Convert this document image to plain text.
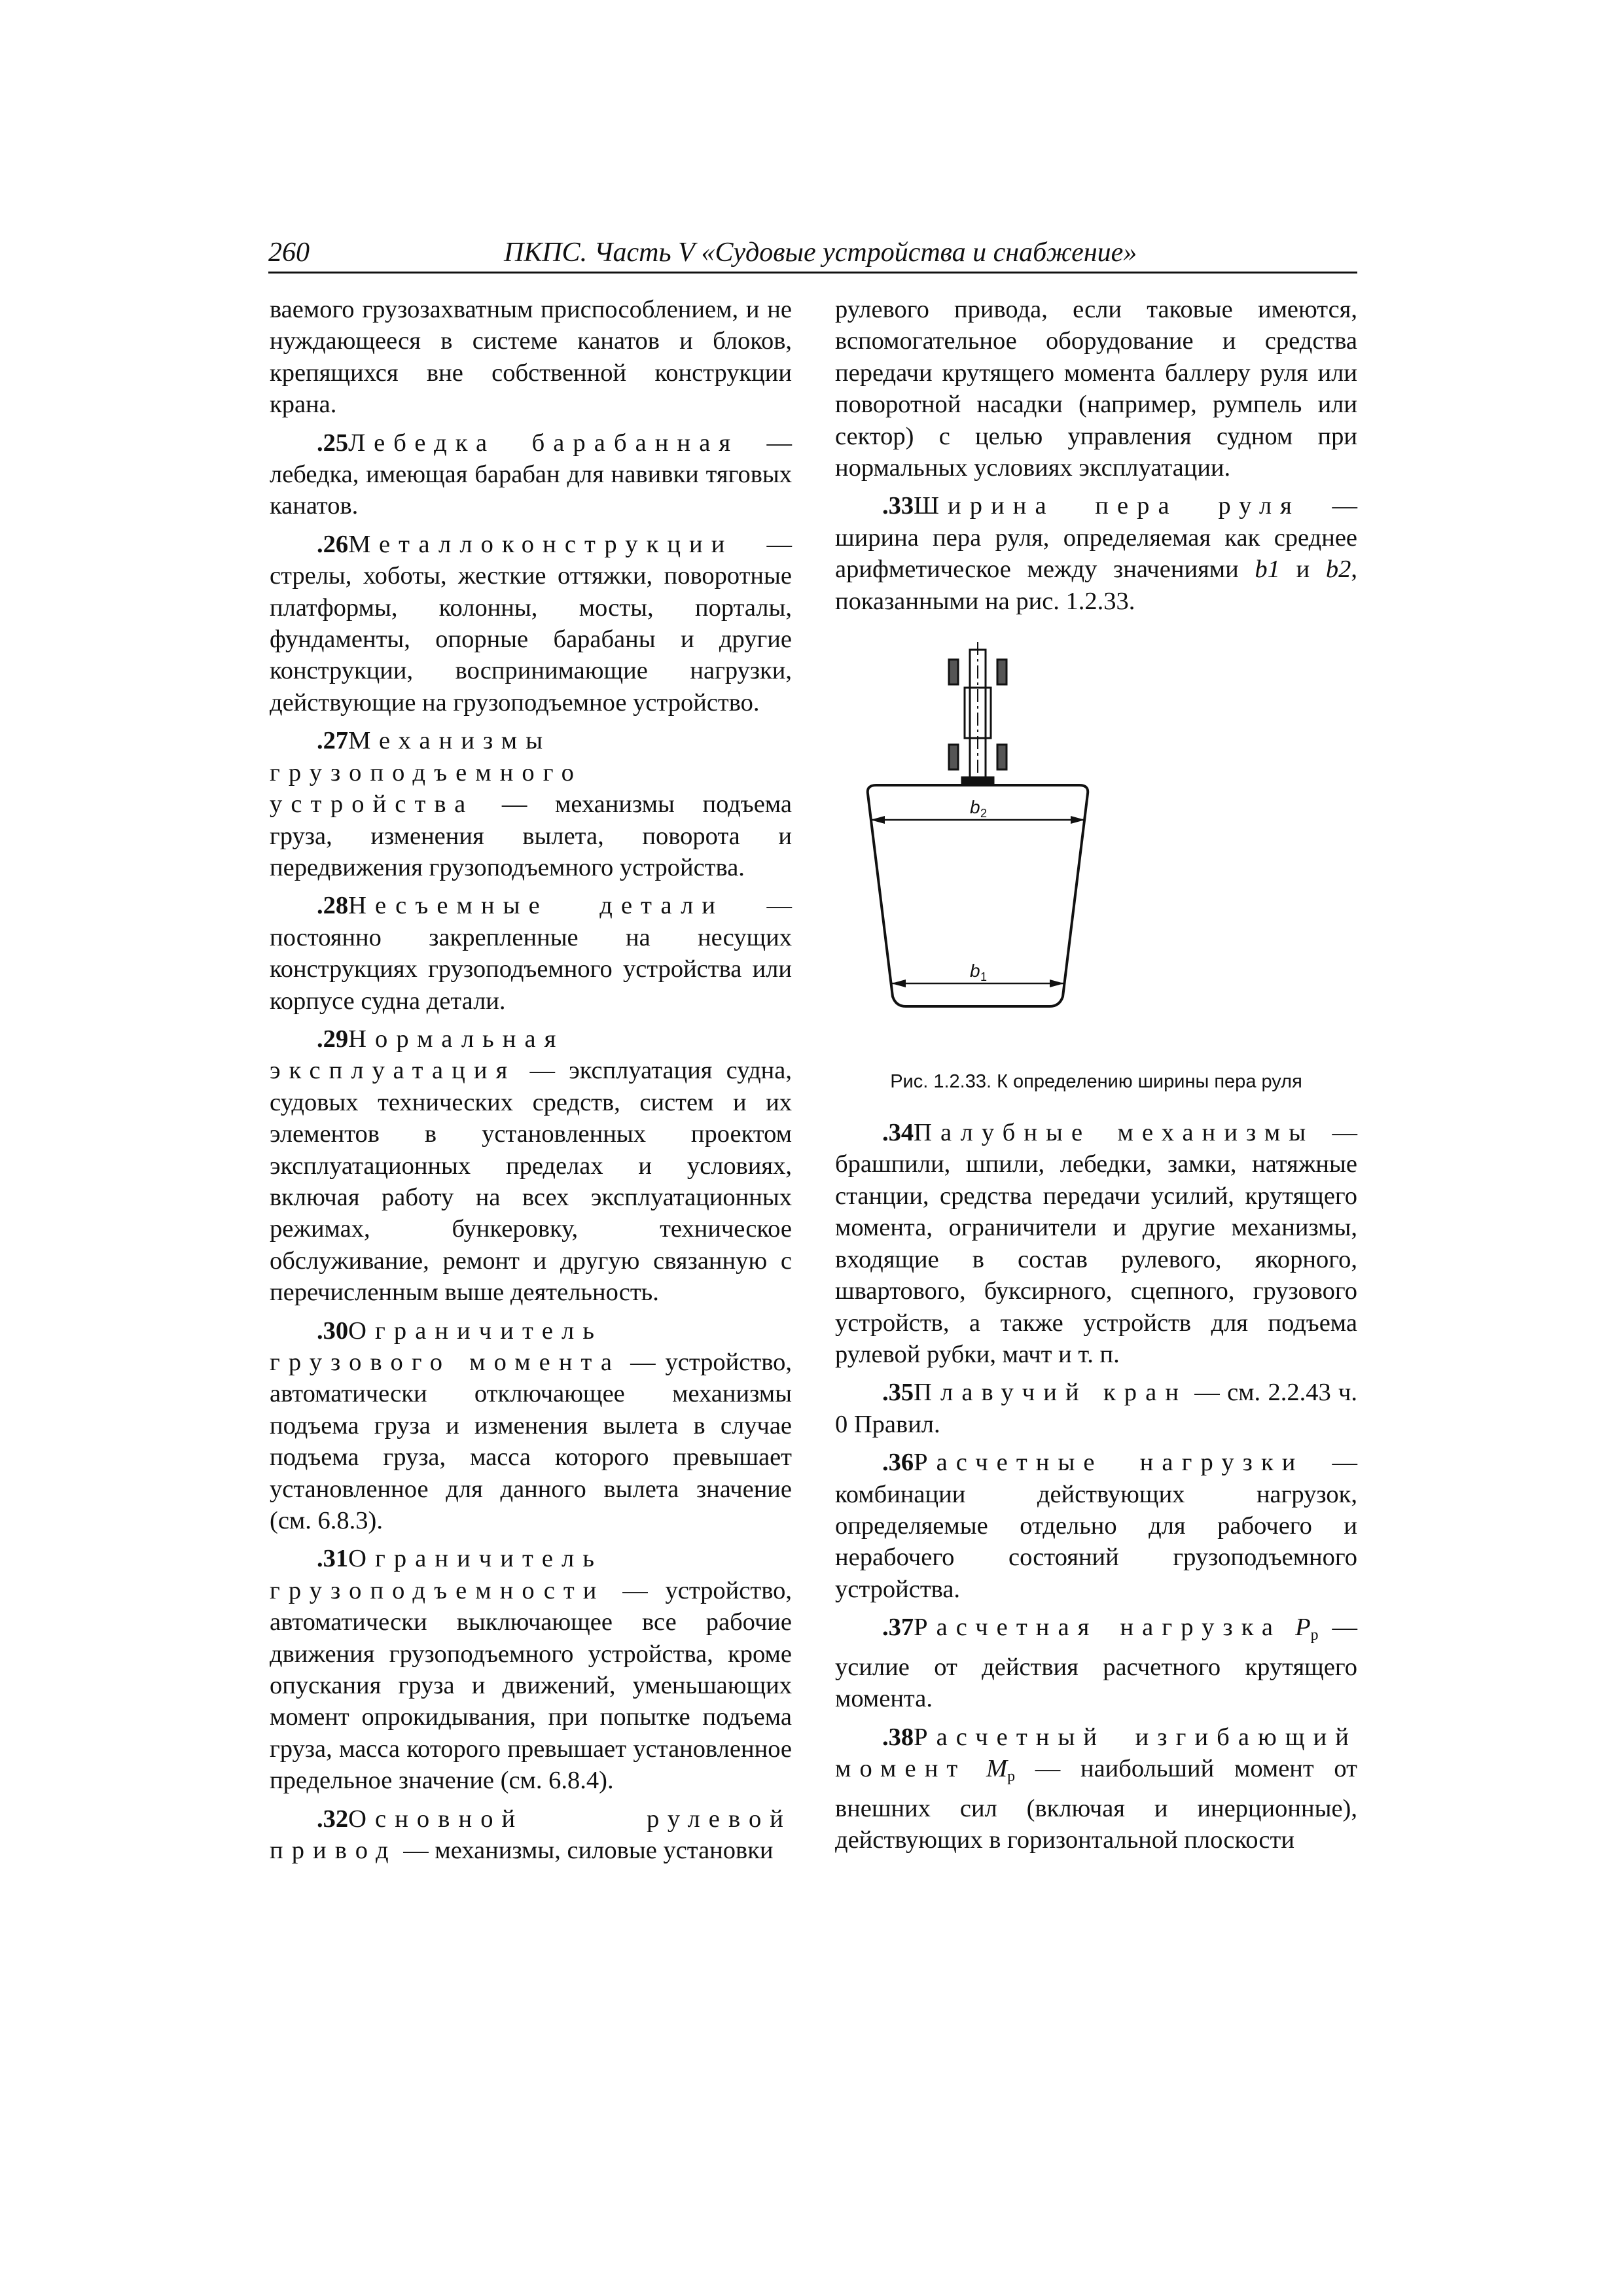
260	ПКПС. Часть V «Судовые устройства и снабжение»

ваемого грузозахватным приспособлением, и не нуждающееся в системе канатов и блоков, крепящихся вне собственной конструкции крана.

.25Лебедка барабанная — лебедка, имеющая барабан для навивки тяговых канатов.

.26Металлоконструкции — стрелы, хоботы, жесткие оттяжки, поворотные платформы, колонны, мосты, порталы, фундаменты, опорные барабаны и другие конструкции, воспринимающие нагрузки, действующие на грузоподъемное устройство.

.27Механизмы грузоподъемного устройства — механизмы подъема груза, изменения вылета, поворота и передвижения грузоподъемного устройства.

.28Несъемные детали — постоянно закрепленные на несущих конструкциях грузоподъемного устройства или корпусе судна детали.

.29Нормальная эксплуатация — эксплуатация судна, судовых технических средств, систем и их элементов в установленных проектом эксплуатационных пределах и условиях, включая работу на всех эксплуатационных режимах, бункеровку, техническое обслуживание, ремонт и другую связанную с перечисленным выше деятельность.

.30Ограничитель грузового момента — устройство, автоматически отключающее механизмы подъема груза и изменения вылета в случае подъема груза, масса которого превышает установленное для данного вылета значение (см. 6.8.3).

.31Ограничитель грузоподъемности — устройство, автоматически выключающее все рабочие движения грузоподъемного устройства, кроме опускания груза и движений, уменьшающих момент опрокидывания, при попытке подъема груза, масса которого превышает установленное предельное значение (см. 6.8.4).

.32Основной рулевой привод — механизмы, силовые установки

рулевого привода, если таковые имеются, вспомогательное оборудование и средства передачи крутящего момента баллеру руля или поворотной насадки (например, румпель или сектор) с целью управления судном при нормальных условиях эксплуатации.

.33Ширина пера руля — ширина пера руля, определяемая как среднее арифметическое между значениями b1 и b2, показанными на рис. 1.2.33.

b 2
b 1

Рис. 1.2.33. К определению ширины пера руля

.34Палубные механизмы — брашпили, шпили, лебедки, замки, натяжные станции, средства передачи усилий, крутящего момента, ограничители и другие механизмы, входящие в состав рулевого, якорного, швартового, буксирного, сцепного, грузового устройств, а также устройств для подъема рулевой рубки, мачт и т. п.

.35Плавучий кран — см. 2.2.43 ч. 0 Правил.

.36Расчетные нагрузки — комбинации действующих нагрузок, определяемые отдельно для рабочего и нерабочего состояний грузоподъемного устройства.

.37Расчетная нагрузка $P_р$ — усилие от действия расчетного крутящего момента.

.38Расчетный изгибающий момент $M_р$ — наибольший момент от внешних сил (включая и инерционные), действующих в горизонтальной плоскости
